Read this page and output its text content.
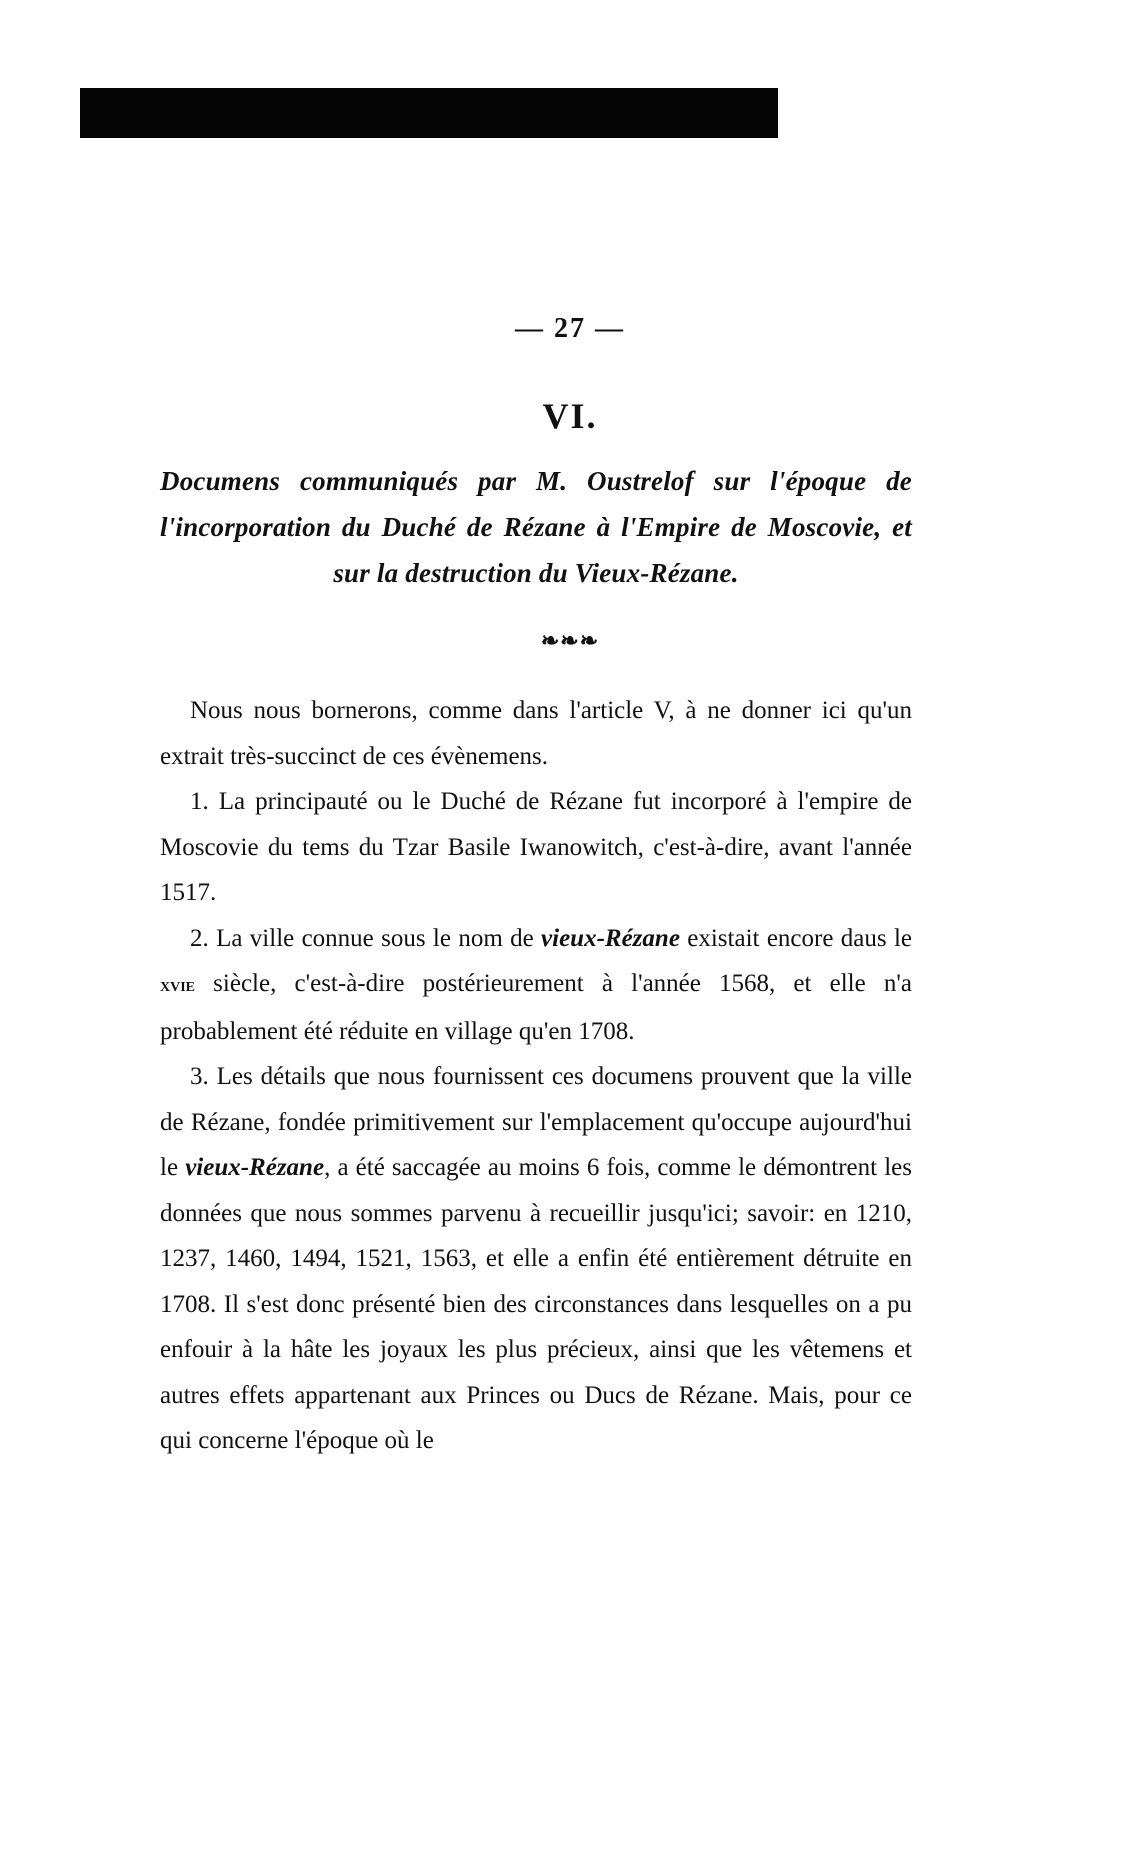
— 27 —
VI.
Documens communiqués par M. Oustrelof sur l'époque de l'incorporation du Duché de Rézane à l'Empire de Moscovie, et sur la destruction du Vieux-Rézane.
❧❧❧

Nous nous bornerons, comme dans l'article V, à ne donner ici qu'un extrait très-succinct de ces évènemens.

1. La principauté ou le Duché de Rézane fut incorporé à l'empire de Moscovie du tems du Tzar Basile Iwanowitch, c'est-à-dire, avant l'année 1517.

2. La ville connue sous le nom de vieux-Rézane existait encore daus le xvie siècle, c'est-à-dire postérieurement à l'année 1568, et elle n'a probablement été réduite en village qu'en 1708.

3. Les détails que nous fournissent ces documens prouvent que la ville de Rézane, fondée primitivement sur l'emplacement qu'occupe aujourd'hui le vieux-Rézane, a été saccagée au moins 6 fois, comme le démontrent les données que nous sommes parvenu à recueillir jusqu'ici; savoir: en 1210, 1237, 1460, 1494, 1521, 1563, et elle a enfin été entièrement détruite en 1708. Il s'est donc présenté bien des circonstances dans lesquelles on a pu enfouir à la hâte les joyaux les plus précieux, ainsi que les vêtemens et autres effets appartenant aux Princes ou Ducs de Rézane. Mais, pour ce qui concerne l'époque où le
